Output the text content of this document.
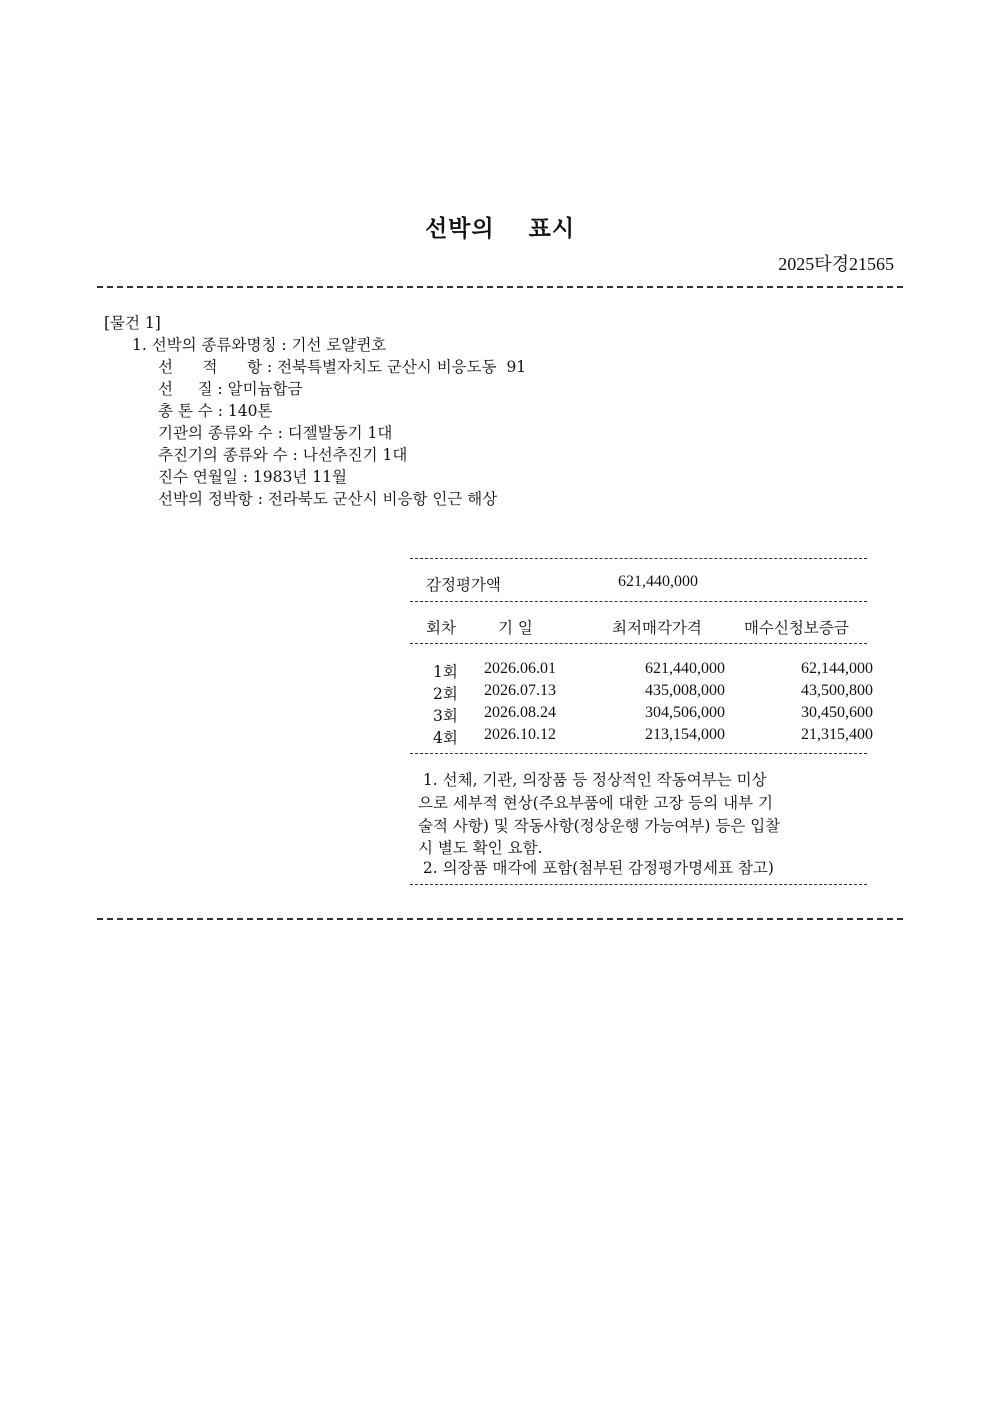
선박의  표시
2025타경21565
[물건 1]
1. 선박의 종류와명칭 : 기선 로얄퀸호
선      적      항 : 전북특별자치도 군산시 비응도동  91
선     질 : 알미늄합금
총 톤 수 : 140톤
기관의 종류와 수 : 디젤발동기 1대
추진기의 종류와 수 : 나선추진기 1대
진수 연월일 : 1983년 11월
선박의 정박항 : 전라북도 군산시 비응항 인근 해상
감정평가액	621,440,000
회차	기 일	최저매각가격	매수신청보증금
1회 2026.06.01	621,440,000	62,144,000
2회 2026.07.13	435,008,000	43,500,800
3회 2026.08.24	304,506,000	30,450,600
4회 2026.10.12	213,154,000	21,315,400
1. 선체, 기관, 의장품 등 정상적인 작동여부는 미상
으로 세부적 현상(주요부품에 대한 고장 등의 내부 기
술적 사항) 및 작동사항(정상운행 가능여부) 등은 입찰
시 별도 확인 요함.
2. 의장품 매각에 포함(첨부된 감정평가명세표 참고)
